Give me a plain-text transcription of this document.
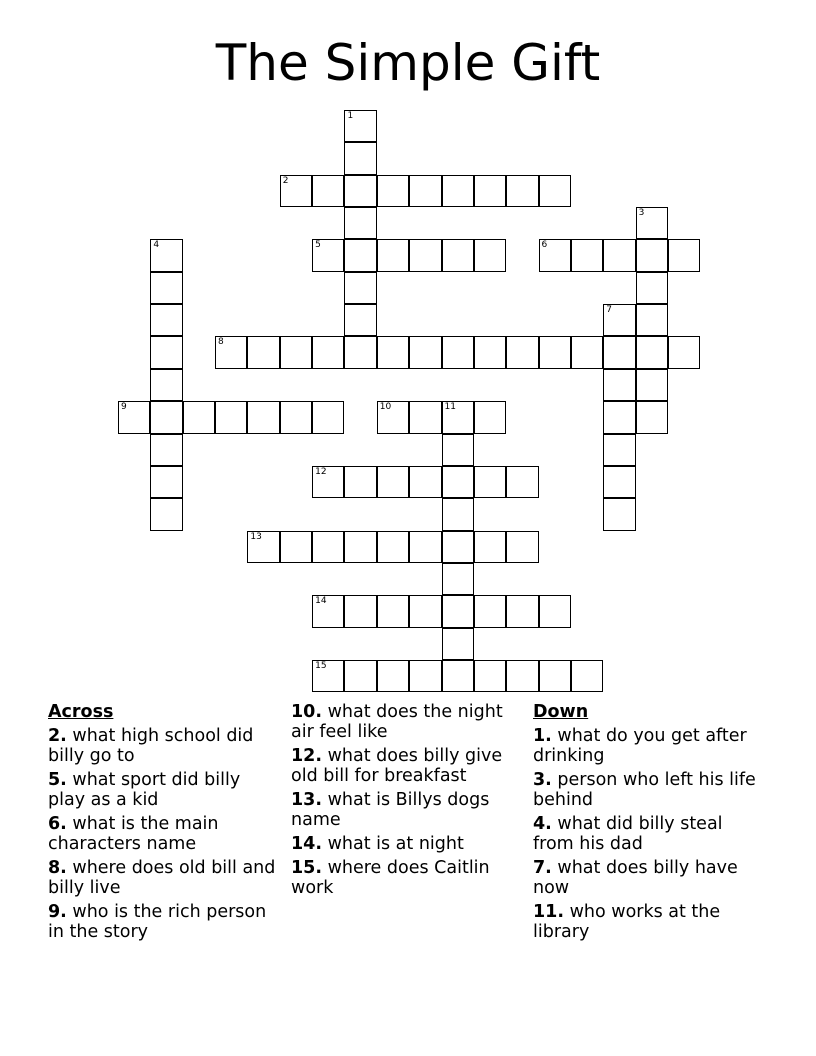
The Simple Gift
1
2
3
4	5	6
7
8
9	10	11
12
13
14
15
Across
2. what high school did billy go to
5. what sport did billy play as a kid
6. what is the main characters name
8. where does old bill and billy live
9. who is the rich person in the story
10. what does the night air feel like
12. what does billy give old bill for breakfast
13. what is Billys dogs name
14. what is at night
15. where does Caitlin work
Down
1. what do you get after drinking
3. person who left his life behind
4. what did billy steal from his dad
7. what does billy have now
11. who works at the library
